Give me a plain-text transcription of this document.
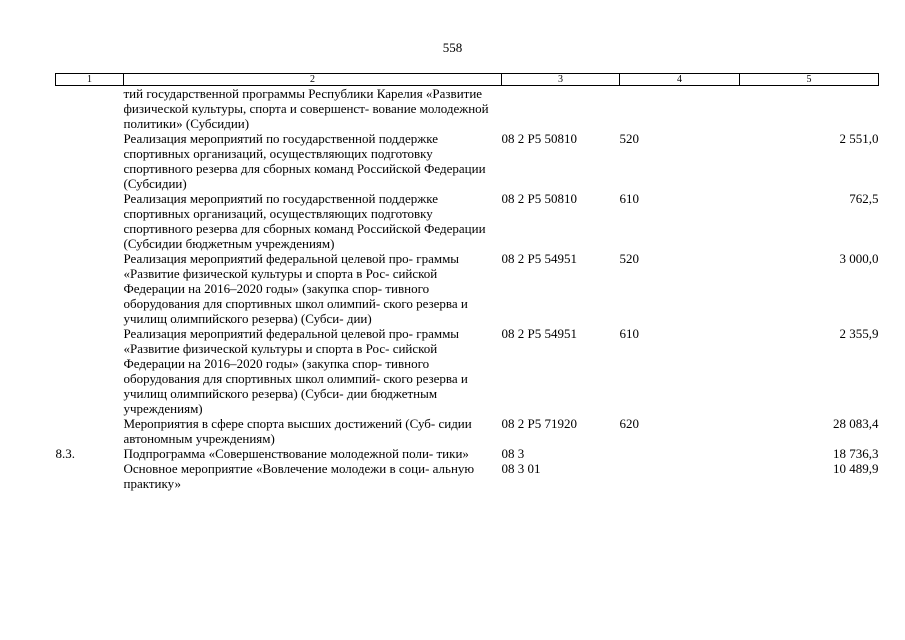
558
1	2	3	4	5
	тий государственной программы Республики Карелия «Развитие физической культуры, спорта и совершенст- вование молодежной политики» (Субсидии)			
	Реализация мероприятий по государственной поддержке спортивных организаций, осуществляющих подготовку спортивного резерва для сборных команд Российской Федерации (Субсидии)	08 2 Р5 50810	520	2 551,0
	Реализация мероприятий по государственной поддержке спортивных организаций, осуществляющих подготовку спортивного резерва для сборных команд Российской Федерации (Субсидии бюджетным учреждениям)	08 2 Р5 50810	610	762,5
	Реализация мероприятий федеральной целевой про- граммы «Развитие физической культуры и спорта в Рос- сийской Федерации на 2016–2020 годы» (закупка спор- тивного оборудования для спортивных школ олимпий- ского резерва и училищ олимпийского резерва) (Субси- дии)	08 2 Р5 54951	520	3 000,0
	Реализация мероприятий федеральной целевой про- граммы «Развитие физической культуры и спорта в Рос- сийской Федерации на 2016–2020 годы» (закупка спор- тивного оборудования для спортивных школ олимпий- ского резерва и училищ олимпийского резерва) (Субси- дии бюджетным учреждениям)	08 2 Р5 54951	610	2 355,9
	Мероприятия в сфере спорта высших достижений (Суб- сидии автономным учреждениям)	08 2 Р5 71920	620	28 083,4
8.3.	Подпрограмма «Совершенствование молодежной поли- тики»	08 3		18 736,3
	Основное мероприятие «Вовлечение молодежи в соци- альную практику»	08 3 01		10 489,9
